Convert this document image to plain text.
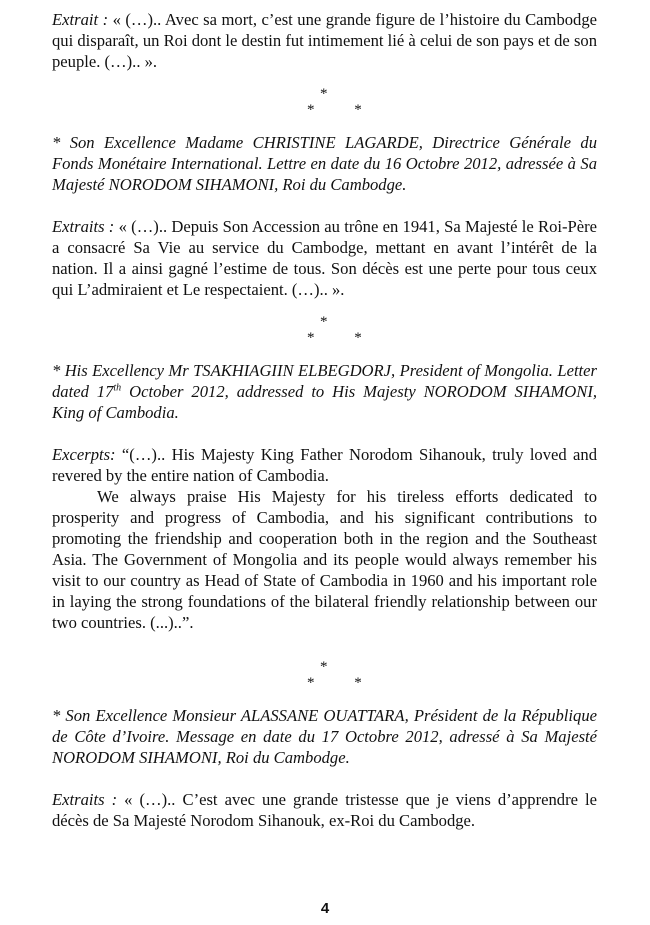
Extrait : « (…).. Avec sa mort, c’est une grande figure de l’histoire du Cambodge qui disparaît, un Roi dont le destin fut intimement lié à celui de son pays et de son peuple. (…).. ».

*
* *

* Son Excellence Madame CHRISTINE LAGARDE, Directrice Générale du Fonds Monétaire International. Lettre en date du 16 Octobre 2012, adressée à Sa Majesté NORODOM SIHAMONI, Roi du Cambodge.

Extraits : « (…).. Depuis Son Accession au trône en 1941, Sa Majesté le Roi-Père a consacré Sa Vie au service du Cambodge, mettant en avant l’intérêt de la nation. Il a ainsi gagné l’estime de tous. Son décès est une perte pour tous ceux qui L’admiraient et Le respectaient. (…).. ».

*
* *

* His Excellency Mr TSAKHIAGIIN ELBEGDORJ, President of Mongolia. Letter dated 17th October 2012, addressed to His Majesty NORODOM SIHAMONI, King of Cambodia.

Excerpts: “(…).. His Majesty King Father Norodom Sihanouk, truly loved and revered by the entire nation of Cambodia.

We always praise His Majesty for his tireless efforts dedicated to prosperity and progress of Cambodia, and his significant contributions to promoting the friendship and cooperation both in the region and the Southeast Asia. The Government of Mongolia and its people would always remember his visit to our country as Head of State of Cambodia in 1960 and his important role in laying the strong foundations of the bilateral friendly relationship between our two countries. (...)..”.

*
* *

* Son Excellence Monsieur ALASSANE OUATTARA, Président de la République de Côte d’Ivoire. Message en date du 17 Octobre 2012, adressé à Sa Majesté NORODOM SIHAMONI, Roi du Cambodge.

Extraits : « (…).. C’est avec une grande tristesse que je viens d’apprendre le décès de Sa Majesté Norodom Sihanouk, ex-Roi du Cambodge.

4
